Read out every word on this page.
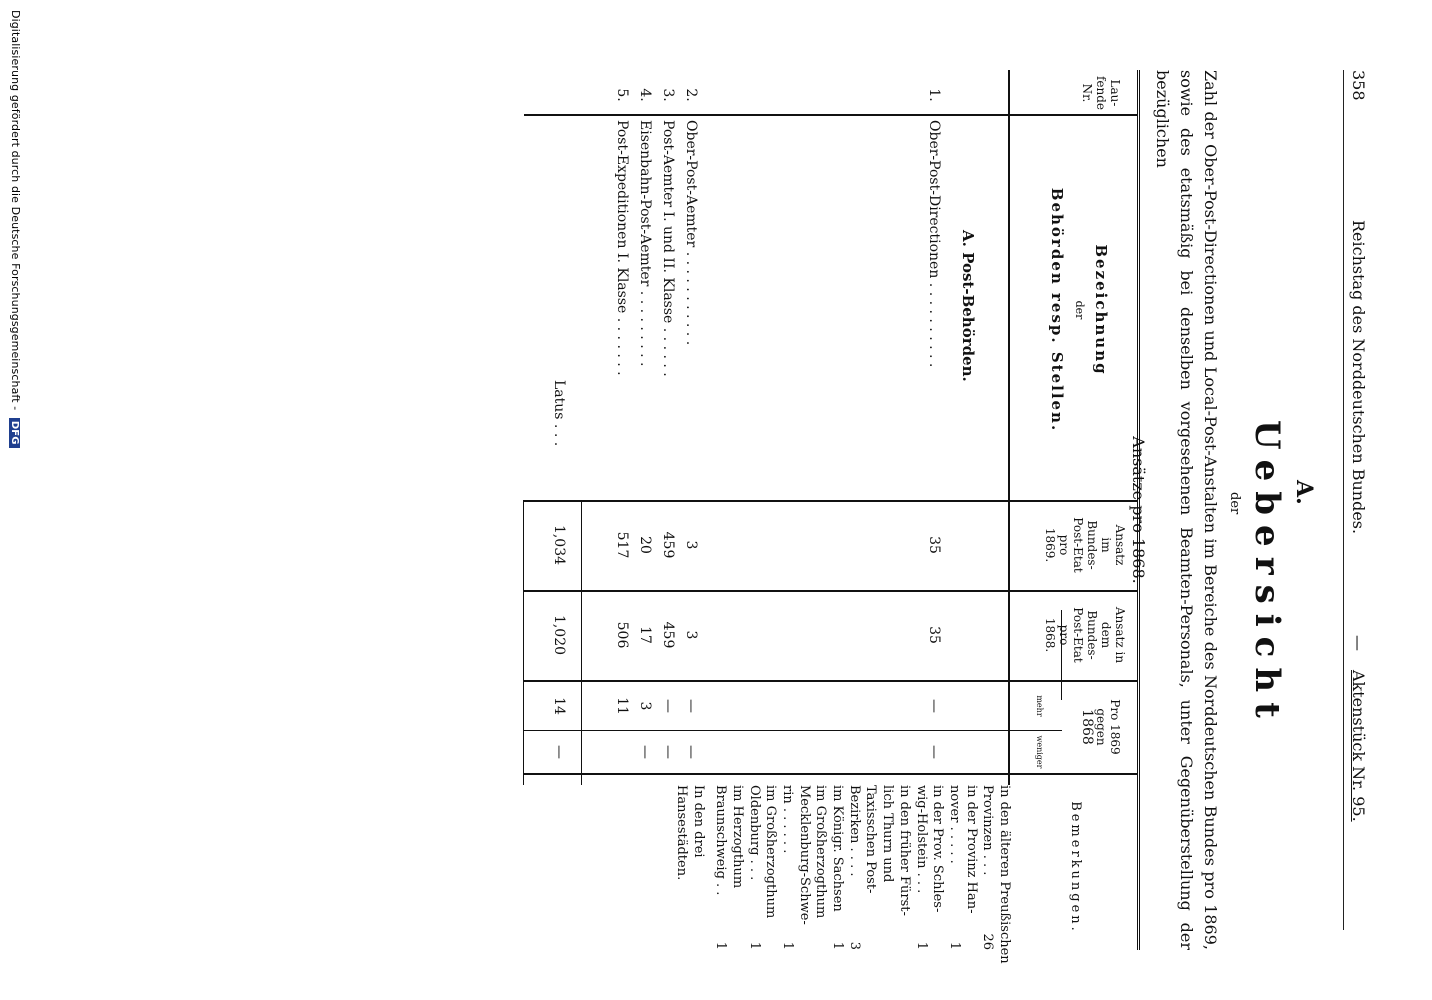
358
Reichstag des Norddeutschen Bundes.
—
Aktenstück Nr. 95.
A.
Uebersicht
der
Zahl der Ober-Post-Directionen und Local-Post-Anstalten im Bereiche des Norddeutschen Bundes pro 1869, sowie des etatsmäßig bei denselben vorgesehenen Beamten-Personals, unter Gegenüberstellung der bezüglichen
Ansätze pro 1868.
Lau-
fende
Nr.
Bezeichnung
der
Behörden resp. Stellen.
Ansatz
im
Bundes-
Post-Etat
pro
1869.
Ansatz in
dem
Bundes-
Post-Etat
pro
1868.
Pro 1869
gegen
1868
mehr
weniger
Bemerkungen.
A. Post-Behörden.
1.
Ober-Post-Directionen . . . . . . . . . .
35
35
—
—
2.
Ober-Post-Aemter . . . . . . . . . . .
3
3
—
—
3.
Post-Aemter I. und II. Klasse . . . . . .
459
459
—
—
4.
Eisenbahn-Post-Aemter . . . . . . . . .
20
17
3
—
5.
Post-Expeditionen I. Klasse . . . . . . .
517
506
11
Latus . . .
1,034
1,020
14
—
in den älteren Preußischen
Provinzen . . .
26
in der Provinz Han-
nover . . . . .
1
in der Prov. Schles-
wig-Holstein . . .
1
in den früher Fürst-
lich Thurn und
Taxisschen Post-
Bezirken . . . .
3
im Königr. Sachsen
1
im Großherzogthum
Mecklenburg-Schwe-
rin . . . . . .
1
im Großherzogthum
Oldenburg . . .
1
im Herzogthum
Braunschweig . .
1
In den drei Hansestädten.
Digitalisierung gefördert durch die Deutsche Forschungsgemeinschaft - DFG
